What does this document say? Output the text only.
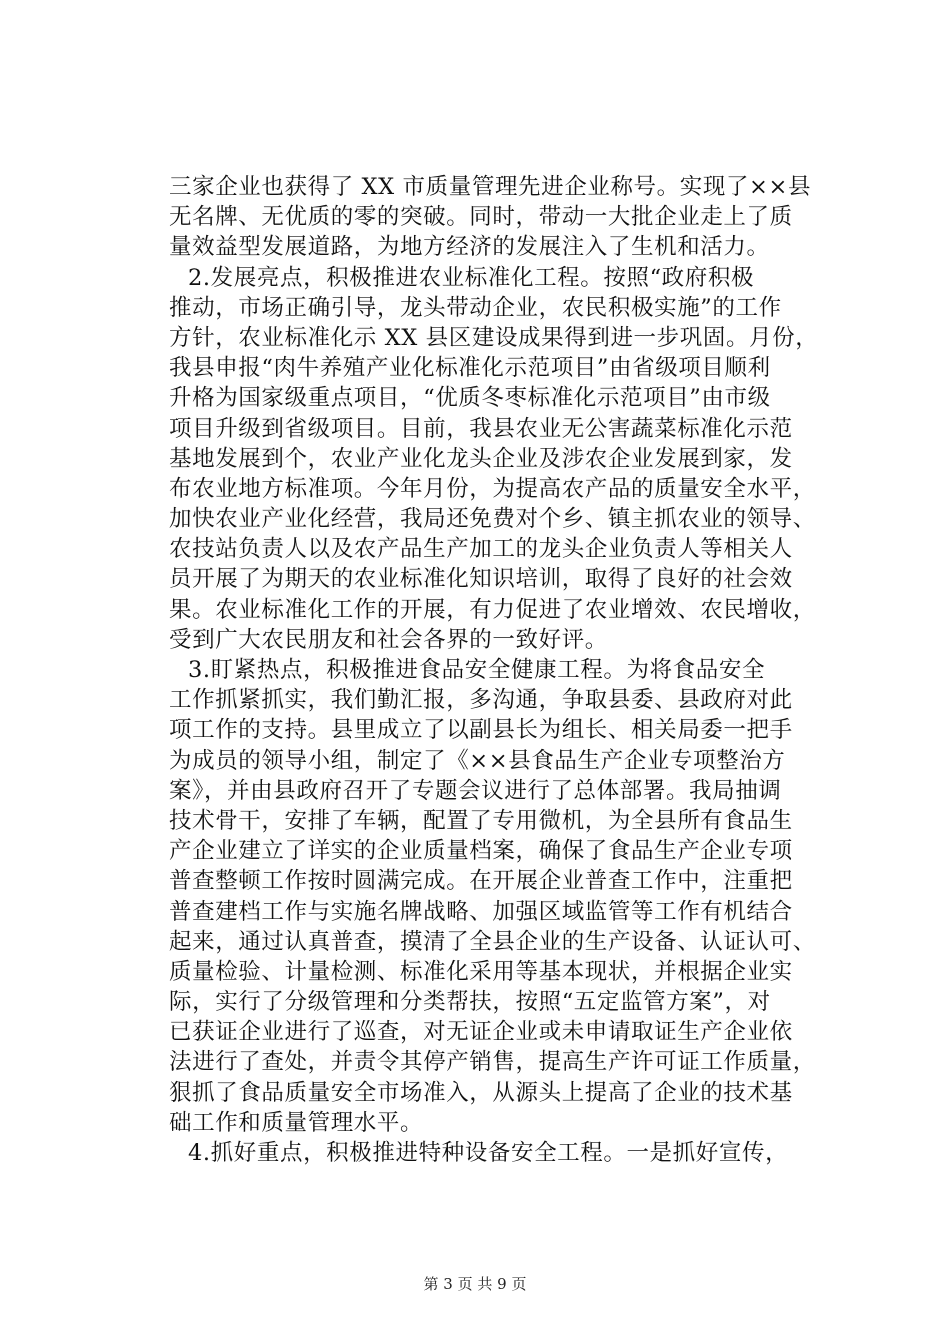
三家企业也获得了 XX 市质量管理先进企业称号。实现了××县
无名牌、无优质的零的突破。同时，带动一大批企业走上了质
量效益型发展道路，为地方经济的发展注入了生机和活力。
2.发展亮点，积极推进农业标准化工程。按照“政府积极
推动，市场正确引导，龙头带动企业，农民积极实施”的工作
方针，农业标准化示 XX 县区建设成果得到进一步巩固。月份，
我县申报“肉牛养殖产业化标准化示范项目”由省级项目顺利
升格为国家级重点项目，“优质冬枣标准化示范项目”由市级
项目升级到省级项目。目前，我县农业无公害蔬菜标准化示范
基地发展到个，农业产业化龙头企业及涉农企业发展到家，发
布农业地方标准项。今年月份，为提高农产品的质量安全水平，
加快农业产业化经营，我局还免费对个乡、镇主抓农业的领导、
农技站负责人以及农产品生产加工的龙头企业负责人等相关人
员开展了为期天的农业标准化知识培训，取得了良好的社会效
果。农业标准化工作的开展，有力促进了农业增效、农民增收，
受到广大农民朋友和社会各界的一致好评。
3.盯紧热点，积极推进食品安全健康工程。为将食品安全
工作抓紧抓实，我们勤汇报，多沟通，争取县委、县政府对此
项工作的支持。县里成立了以副县长为组长、相关局委一把手
为成员的领导小组，制定了《××县食品生产企业专项整治方
案》，并由县政府召开了专题会议进行了总体部署。我局抽调
技术骨干，安排了车辆，配置了专用微机，为全县所有食品生
产企业建立了详实的企业质量档案，确保了食品生产企业专项
普查整顿工作按时圆满完成。在开展企业普查工作中，注重把
普查建档工作与实施名牌战略、加强区域监管等工作有机结合
起来，通过认真普查，摸清了全县企业的生产设备、认证认可、
质量检验、计量检测、标准化采用等基本现状，并根据企业实
际，实行了分级管理和分类帮扶，按照“五定监管方案”，对
已获证企业进行了巡查，对无证企业或未申请取证生产企业依
法进行了查处，并责令其停产销售，提高生产许可证工作质量，
狠抓了食品质量安全市场准入，从源头上提高了企业的技术基
础工作和质量管理水平。
4.抓好重点，积极推进特种设备安全工程。一是抓好宣传，
第 3 页 共 9 页
